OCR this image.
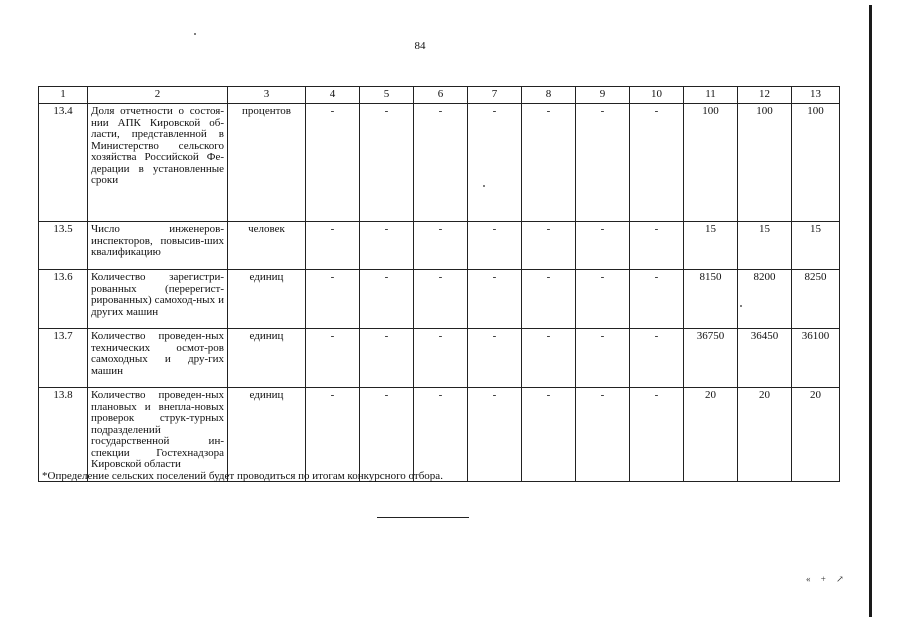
84
1	2	3	4	5	6	7	8	9	10	11	12	13
13.4	Доля отчетности о состоя-нии АПК Кировской об-ласти, представленной в Министерство сельского хозяйства Российской Фе-дерации в установленные сроки	процентов	-	-	-	-	-	-	-	100	100	100
13.5	Число инженеров-инспекторов, повысив-ших квалификацию	человек	-	-	-	-	-	-	-	15	15	15
13.6	Количество зарегистри-рованных (перерегист-рированных) самоход-ных и других машин	единиц	-	-	-	-	-	-	-	8150	8200	8250
13.7	Количество проведен-ных технических осмот-ров самоходных и дру-гих машин	единиц	-	-	-	-	-	-	-	36750	36450	36100
13.8	Количество проведен-ных плановых и внепла-новых проверок струк-турных подразделений государственной ин-спекции Гостехнадзора Кировской области	единиц	-	-	-	-	-	-	-	20	20	20
*Определение сельских поселений будет проводиться по итогам конкурсного отбора.
« + ↗
